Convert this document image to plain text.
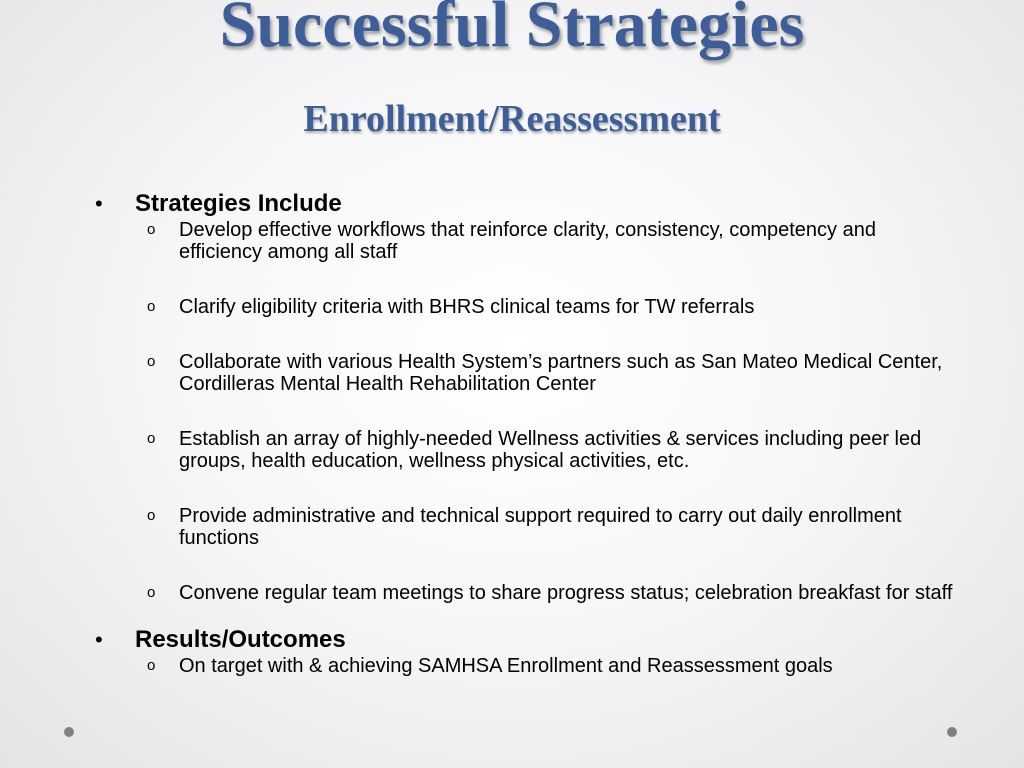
Successful Strategies
Enrollment/Reassessment
• Strategies Include
o Develop effective workflows that reinforce clarity, consistency, competency and efficiency among all staff
o Clarify eligibility criteria with BHRS clinical teams for TW referrals
o Collaborate with various Health System’s partners such as San Mateo Medical Center, Cordilleras Mental Health Rehabilitation Center
o Establish an array of highly-needed Wellness activities & services including peer led groups, health education, wellness physical activities, etc.
o Provide administrative and technical support required to carry out daily enrollment functions
o Convene regular team meetings to share progress status; celebration breakfast for staff
• Results/Outcomes
o On target with & achieving SAMHSA Enrollment and Reassessment goals
